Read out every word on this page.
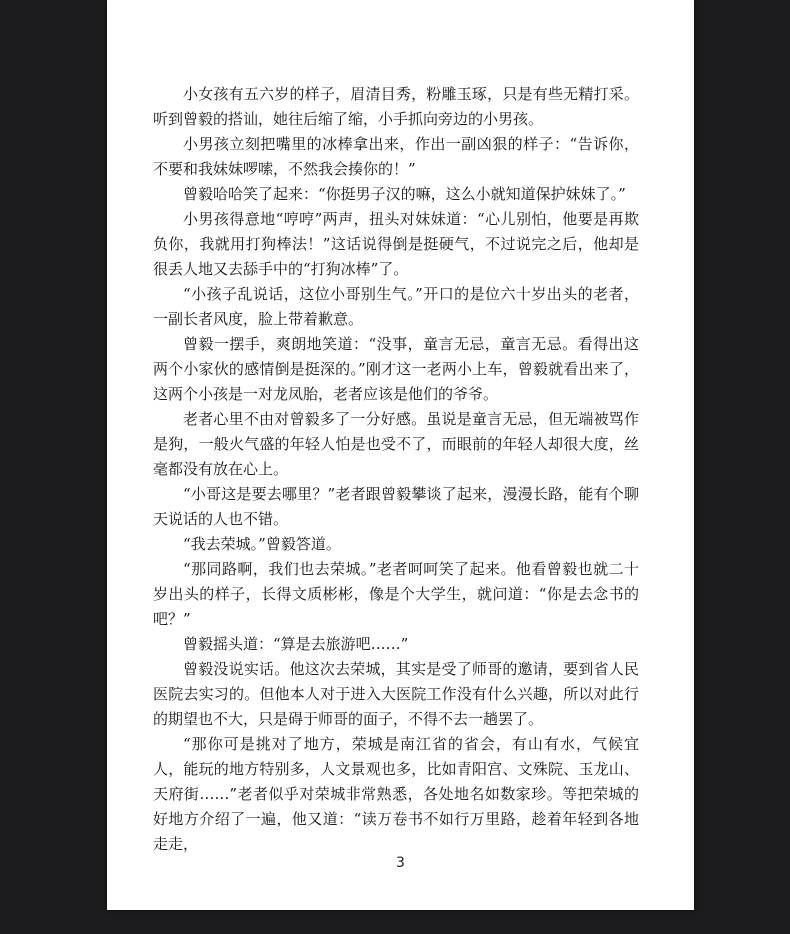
小女孩有五六岁的样子，眉清目秀，粉雕玉琢，只是有些无精打采。听到曾毅的搭讪，她往后缩了缩，小手抓向旁边的小男孩。

小男孩立刻把嘴里的冰棒拿出来，作出一副凶狠的样子：“告诉你，不要和我妹妹啰嗦，不然我会揍你的！”

曾毅哈哈笑了起来：“你挺男子汉的嘛，这么小就知道保护妹妹了。”

小男孩得意地“哼哼”两声，扭头对妹妹道：“心儿别怕，他要是再欺负你，我就用打狗棒法！”这话说得倒是挺硬气，不过说完之后，他却是很丢人地又去舔手中的“打狗冰棒”了。

“小孩子乱说话，这位小哥别生气。”开口的是位六十岁出头的老者，一副长者风度，脸上带着歉意。

曾毅一摆手，爽朗地笑道：“没事，童言无忌，童言无忌。看得出这两个小家伙的感情倒是挺深的。”刚才这一老两小上车，曾毅就看出来了，这两个小孩是一对龙凤胎，老者应该是他们的爷爷。

老者心里不由对曾毅多了一分好感。虽说是童言无忌，但无端被骂作是狗，一般火气盛的年轻人怕是也受不了，而眼前的年轻人却很大度，丝毫都没有放在心上。

“小哥这是要去哪里？”老者跟曾毅攀谈了起来，漫漫长路，能有个聊天说话的人也不错。

“我去荣城。”曾毅答道。

“那同路啊，我们也去荣城。”老者呵呵笑了起来。他看曾毅也就二十岁出头的样子，长得文质彬彬，像是个大学生，就问道：“你是去念书的吧？”

曾毅摇头道：“算是去旅游吧……”

曾毅没说实话。他这次去荣城，其实是受了师哥的邀请，要到省人民医院去实习的。但他本人对于进入大医院工作没有什么兴趣，所以对此行的期望也不大，只是碍于师哥的面子，不得不去一趟罢了。

“那你可是挑对了地方，荣城是南江省的省会，有山有水，气候宜人，能玩的地方特别多，人文景观也多，比如青阳宫、文殊院、玉龙山、天府街……”老者似乎对荣城非常熟悉，各处地名如数家珍。等把荣城的好地方介绍了一遍，他又道：“读万卷书不如行万里路，趁着年轻到各地走走，

3
